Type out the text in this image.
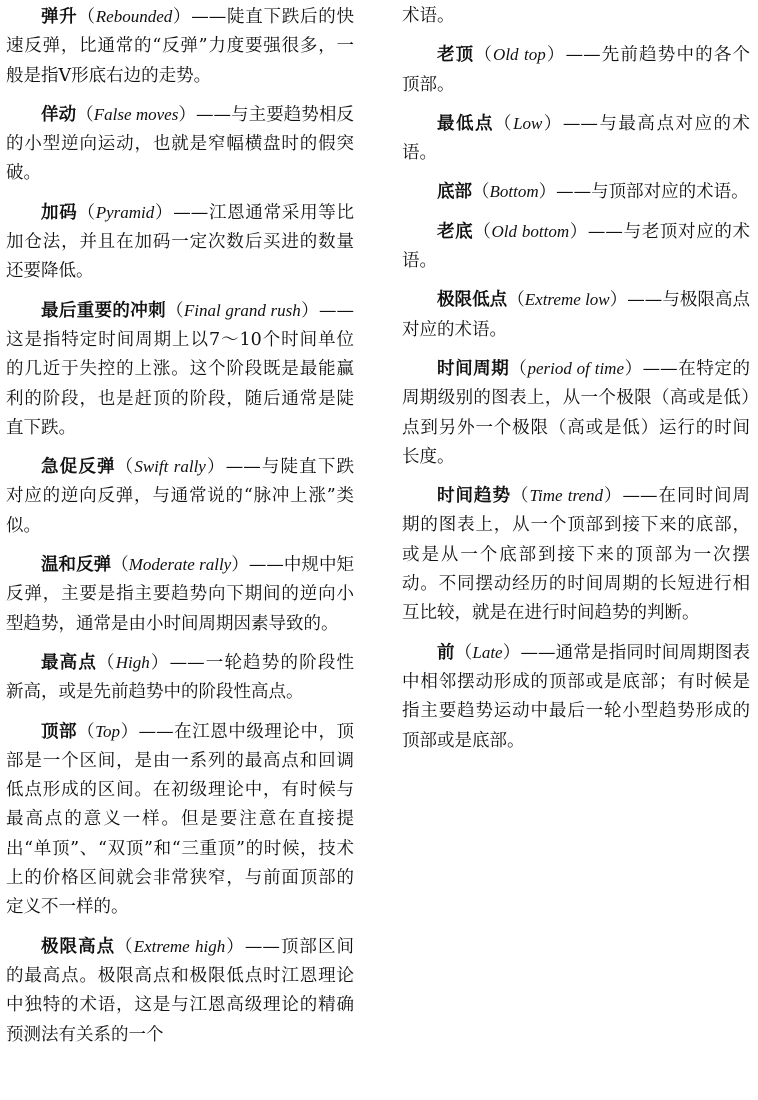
弹升（Rebounded）——陡直下跌后的快速反弹，比通常的“反弹”力度要强很多，一般是指V形底右边的走势。

佯动（False moves）——与主要趋势相反的小型逆向运动，也就是窄幅横盘时的假突破。

加码（Pyramid）——江恩通常采用等比加仓法，并且在加码一定次数后买进的数量还要降低。

最后重要的冲刺（Final grand rush）——这是指特定时间周期上以7～10个时间单位的几近于失控的上涨。这个阶段既是最能赢利的阶段，也是赶顶的阶段，随后通常是陡直下跌。

急促反弹（Swift rally）——与陡直下跌对应的逆向反弹，与通常说的“脉冲上涨”类似。

温和反弹（Moderate rally）——中规中矩反弹，主要是指主要趋势向下期间的逆向小型趋势，通常是由小时间周期因素导致的。

最高点（High）——一轮趋势的阶段性新高，或是先前趋势中的阶段性高点。

顶部（Top）——在江恩中级理论中，顶部是一个区间，是由一系列的最高点和回调低点形成的区间。在初级理论中，有时候与最高点的意义一样。但是要注意在直接提出“单顶”、“双顶”和“三重顶”的时候，技术上的价格区间就会非常狭窄，与前面顶部的定义不一样的。

极限高点（Extreme high）——顶部区间的最高点。极限高点和极限低点时江恩理论中独特的术语，这是与江恩高级理论的精确预测法有关系的一个

术语。

老顶（Old top）——先前趋势中的各个顶部。

最低点（Low）——与最高点对应的术语。

底部（Bottom）——与顶部对应的术语。

老底（Old bottom）——与老顶对应的术语。

极限低点（Extreme low）——与极限高点对应的术语。

时间周期（period of time）——在特定的周期级别的图表上，从一个极限（高或是低）点到另外一个极限（高或是低）运行的时间长度。

时间趋势（Time trend）——在同时间周期的图表上，从一个顶部到接下来的底部，或是从一个底部到接下来的顶部为一次摆动。不同摆动经历的时间周期的长短进行相互比较，就是在进行时间趋势的判断。

前（Late）——通常是指同时间周期图表中相邻摆动形成的顶部或是底部；有时候是指主要趋势运动中最后一轮小型趋势形成的顶部或是底部。
